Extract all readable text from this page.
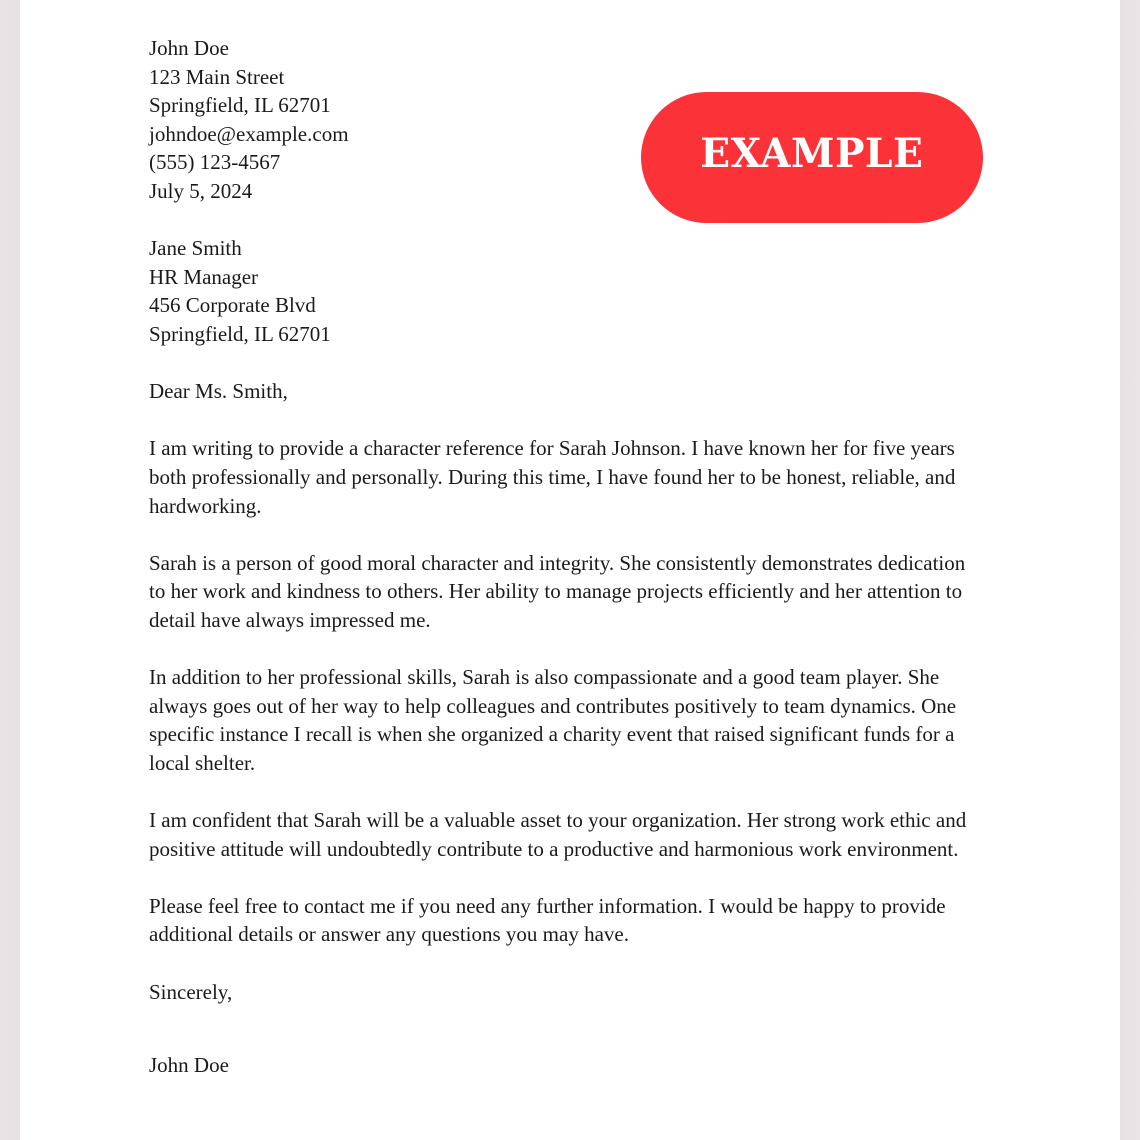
EXAMPLE
John Doe
123 Main Street
Springfield, IL 62701
johndoe@example.com
(555) 123-4567
July 5, 2024
Jane Smith
HR Manager
456 Corporate Blvd
Springfield, IL 62701
Dear Ms. Smith,
I am writing to provide a character reference for Sarah Johnson. I have known her for five years
both professionally and personally. During this time, I have found her to be honest, reliable, and
hardworking.
Sarah is a person of good moral character and integrity. She consistently demonstrates dedication
to her work and kindness to others. Her ability to manage projects efficiently and her attention to
detail have always impressed me.
In addition to her professional skills, Sarah is also compassionate and a good team player. She
always goes out of her way to help colleagues and contributes positively to team dynamics. One
specific instance I recall is when she organized a charity event that raised significant funds for a
local shelter.
I am confident that Sarah will be a valuable asset to your organization. Her strong work ethic and
positive attitude will undoubtedly contribute to a productive and harmonious work environment.
Please feel free to contact me if you need any further information. I would be happy to provide
additional details or answer any questions you may have.
Sincerely,
John Doe
